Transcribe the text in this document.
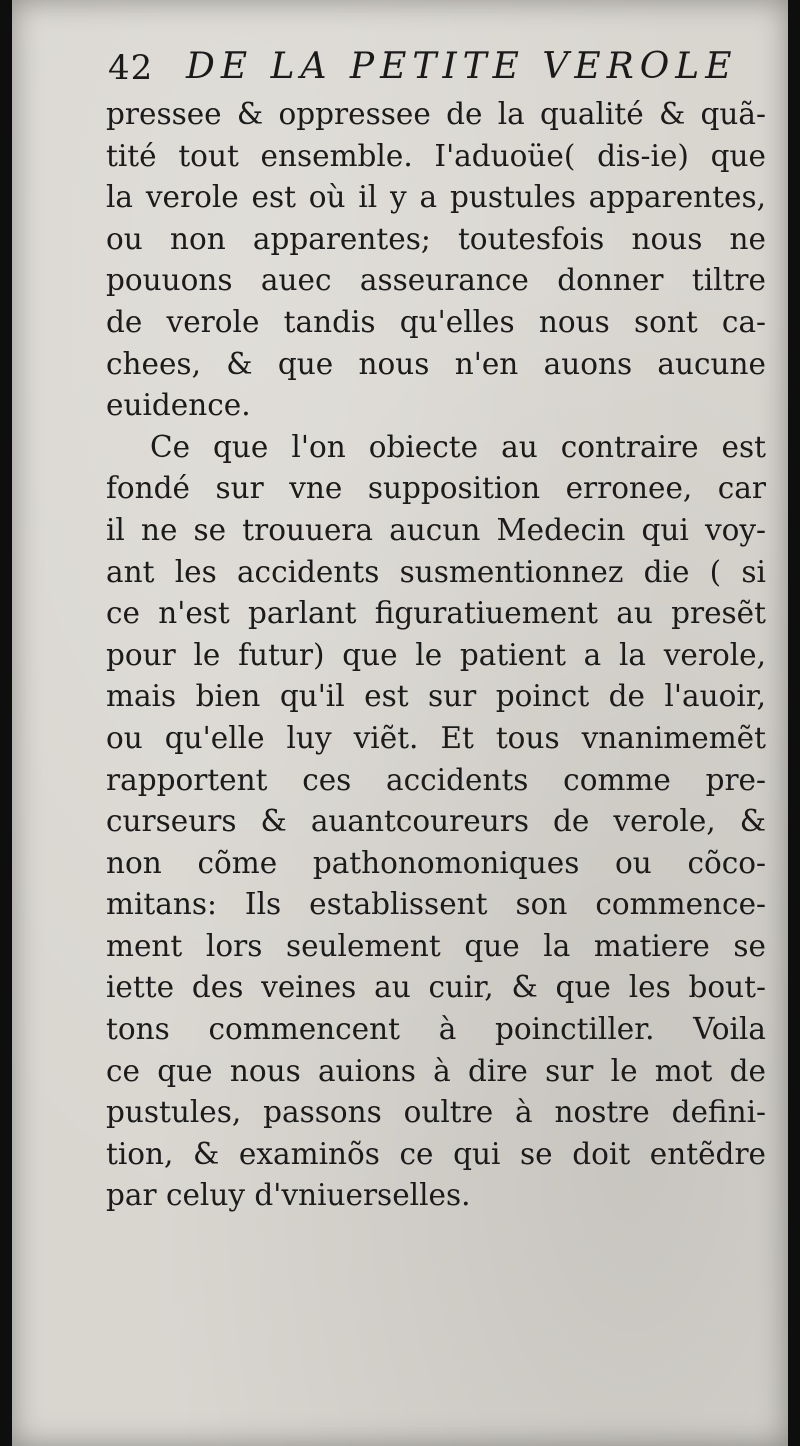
42 DE LA PETITE VEROLE
pressee & oppressee de la qualité & quã-
tité tout ensemble. I'aduoüe( dis-ie) que
la verole est où il y a pustules apparentes,
ou non apparentes; toutesfois nous ne
pouuons auec asseurance donner tiltre
de verole tandis qu'elles nous sont ca-
chees, & que nous n'en auons aucune
euidence.
Ce que l'on obiecte au contraire est
fondé sur vne supposition erronee, car
il ne se trouuera aucun Medecin qui voy-
ant les accidents susmentionnez die ( si
ce n'est parlant figuratiuement au presẽt
pour le futur) que le patient a la verole,
mais bien qu'il est sur poinct de l'auoir,
ou qu'elle luy viẽt. Et tous vnanimemẽt
rapportent ces accidents comme pre-
curseurs & auantcoureurs de verole, &
non cõme pathonomoniques ou cõco-
mitans: Ils establissent son commence-
ment lors seulement que la matiere se
iette des veines au cuir, & que les bout-
tons commencent à poinctiller. Voila
ce que nous auions à dire sur le mot de
pustules, passons oultre à nostre defini-
tion, & examinõs ce qui se doit entẽdre
par celuy d'vniuerselles.
